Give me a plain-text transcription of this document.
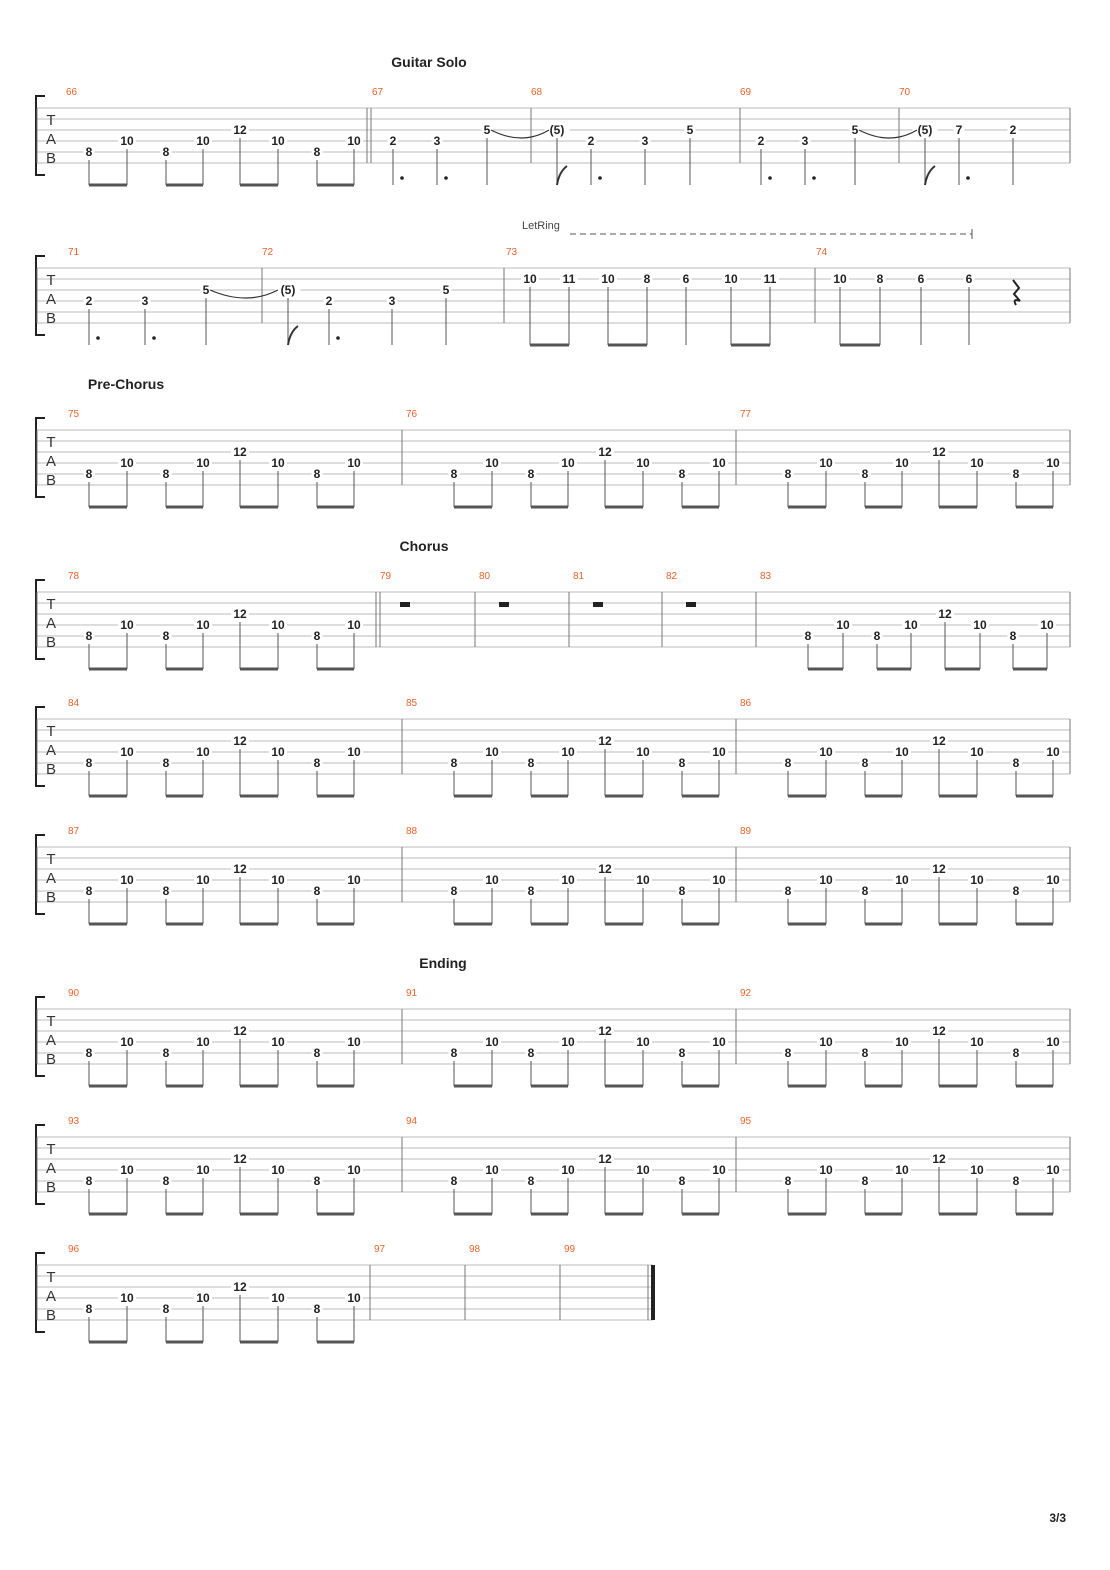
T
A
B
Guitar Solo
66
8
10
8
10
12
10
8
10
67	68	69	70
2	3
5	(5)
2	3
5
2	3
5	(5) 7	2
T
A
B
LetRing
71	72	73	74
2	3
5	(5)
2	3
5
10 11 10 8	6	10 11	10 8	6	6
T
A
B
Pre-Chorus
75
8
10
8
10
12
10
8
10
76
8
10
8
10
12
10
8
10
77
8
10
8
10
12
10
8
10
T
A
B
Chorus
78
8
10
8
10
12
10
8
10
79	80	81	82	83
8
10
8
10
12
10
8
10
T
A
B
84
8
10
8
10
12
10
8
10
85
8
10
8
10
12
10
8
10
86
8
10
8
10
12
10
8
10
T
A
B
87
8
10
8
10
12
10
8
10
88
8
10
8
10
12
10
8
10
89
8
10
8
10
12
10
8
10
T
A
B
Ending
90
8
10
8
10
12
10
8
10
91
8
10
8
10
12
10
8
10
92
8
10
8
10
12
10
8
10
T
A
B
93
8
10
8
10
12
10
8
10
94
8
10
8
10
12
10
8
10
95
8
10
8
10
12
10
8
10
T
A
B
96
8
10
8
10
12
10
8
10
97	98	99
3/3
